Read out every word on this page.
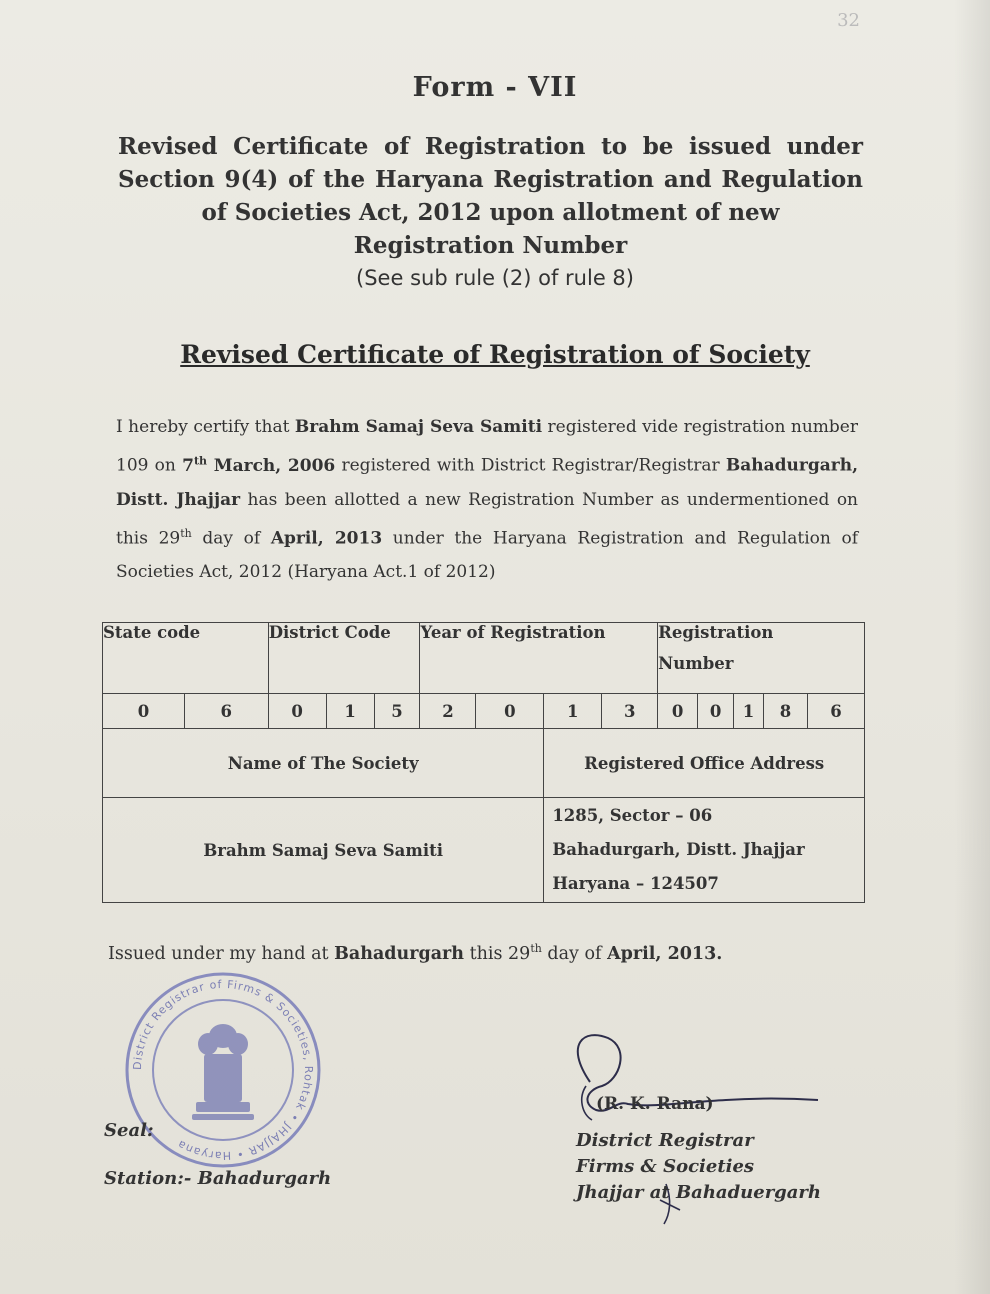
32
Form - VII
Revised Certificate of Registration to be issued under
Section 9(4) of the Haryana Registration and Regulation
of Societies Act, 2012 upon allotment of new
Registration Number
(See sub rule (2) of rule 8)
Revised Certificate of Registration of Society
I hereby certify that Brahm Samaj Seva Samiti registered vide registration number 109 on 7th March, 2006 registered with District Registrar/Registrar Bahadurgarh, Distt. Jhajjar has been allotted a new Registration Number as undermentioned on this 29th day of April, 2013 under the Haryana Registration and Regulation of Societies Act, 2012 (Haryana Act.1 of 2012)
State code		District Code			Year of Registration				Registration
Number				

0	6	0	1	5	2	0	1	3	0	0	1	8	6
Name of The Society							Registered Office Address						
Brahm Samaj Seva Samiti							1285, Sector – 06
Bahadurgarh, Distt. Jhajjar
Haryana – 124507						
Issued under my hand at Bahadurgarh this 29th day of April, 2013.
District Registrar of Firms & Societies, Rohtak • JHAJJAR • Haryana
Seal:
Station:- Bahadurgarh
(R. K. Rana)
District Registrar
Firms & Societies
Jhajjar at Bahaduergarh
